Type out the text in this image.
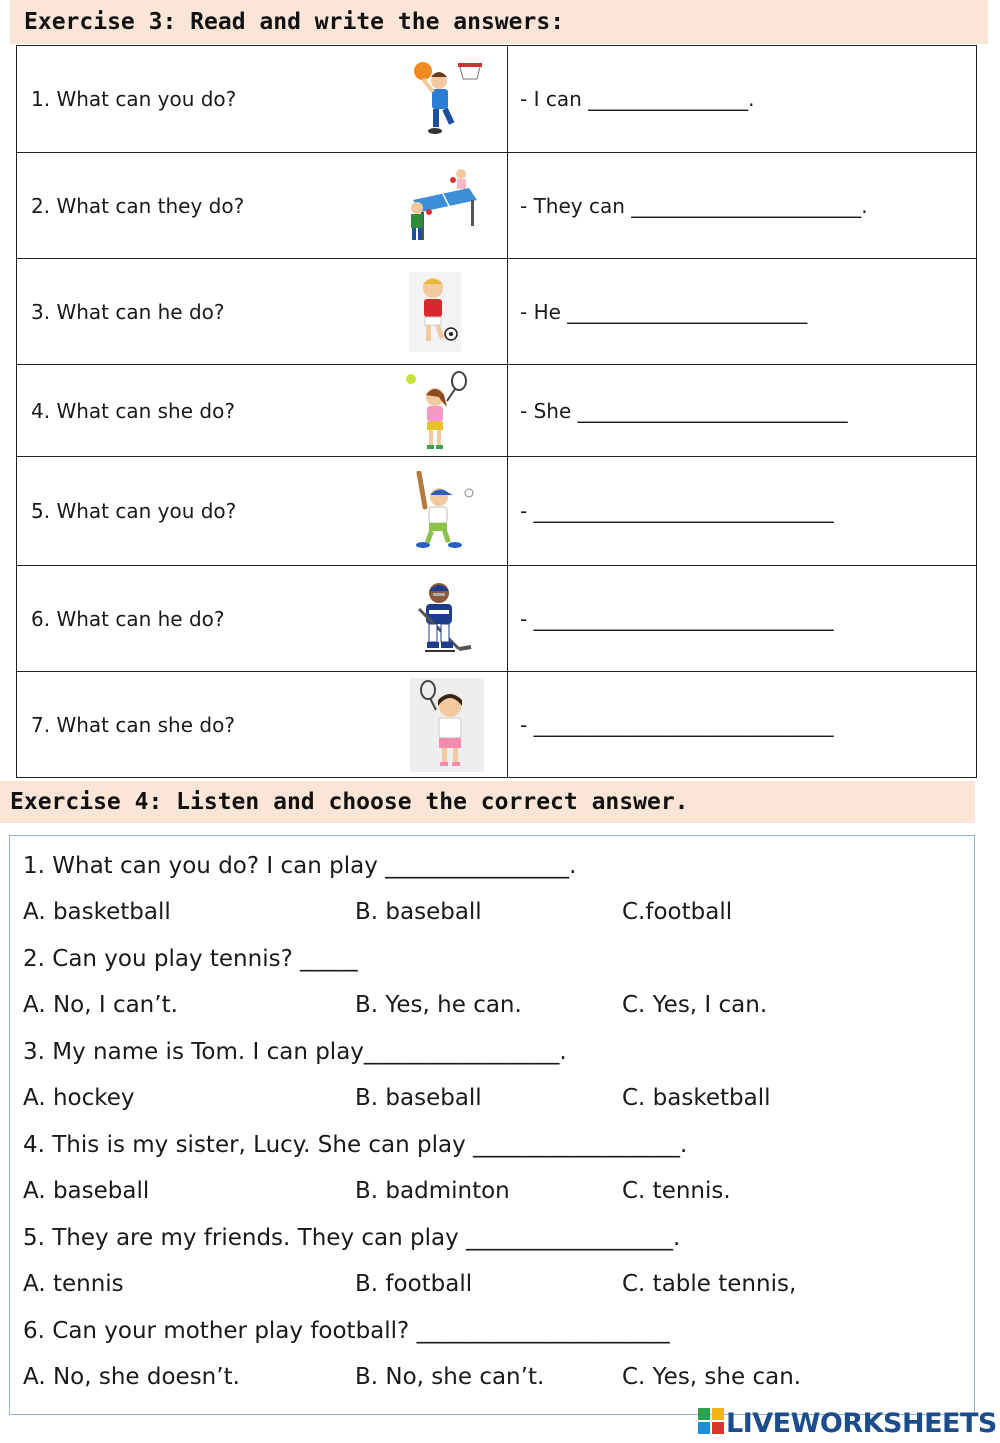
Exercise 3: Read and write the answers:
1. What can you do?	- I can ________________.
2. What can they do?	- They can _______________________.
3. What can he do?	- He ________________________
4. What can she do?	- She ___________________________
5. What can you do?	- ______________________________
6. What can he do?	- ______________________________
7. What can she do?	- ______________________________
Exercise 4: Listen and choose the correct answer.
1. What can you do? I can play ________________.
A. basketball	B. baseball	C.football
2. Can you play tennis? _____
A. No, I can’t.	B. Yes, he can.	C. Yes, I can.
3. My name is Tom. I can play_________________.
A. hockey	B. baseball	C. basketball
4. This is my sister, Lucy. She can play __________________.
A. baseball	B. badminton	C. tennis.
5. They are my friends. They can play __________________.
A. tennis	B. football	C. table tennis,
6. Can your mother play football? ______________________
A. No, she doesn’t.	B. No, she can’t.	C. Yes, she can.
LIVEWORKSHEETS
